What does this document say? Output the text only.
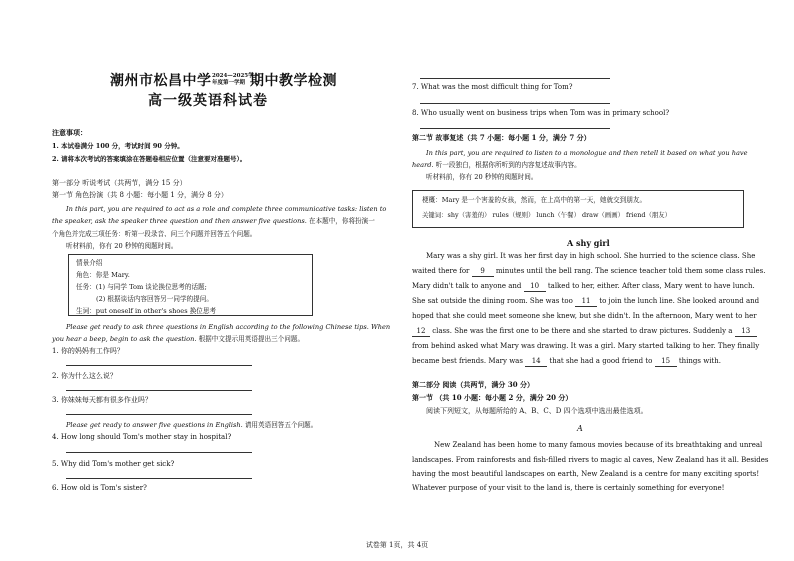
潮州市松昌中学 2024—2025学
年度第一学期 期中教学检测
高一级英语科试卷
注意事项：
1. 本试卷满分 100 分，考试时间 90 分钟。
2. 请将本次考试的答案填涂在答题卷相应位置（注意要对准题号）。
第一部分 听说考试（共两节，满分 15 分）
第一节 角色扮演（共 8 小题：每小题 1 分，满分 8 分）
In this part, you are required to act as a role and complete three communicative tasks: listen to
the speaker, ask the speaker three question and then answer five questions. 在本题中，你将扮演一
个角色并完成三项任务：听第一段录音、问三个问题并回答五个问题。
听材料前，你有 20 秒钟的阅题时间。
情景介绍
角色：你是 Mary.
任务：(1) 与同学 Tom 谈论换位思考的话题;
(2) 根据谈话内容回答另一同学的提问。
生词：put oneself in other's shoes 换位思考
Please get ready to ask three questions in English according to the following Chinese tips. When
you hear a beep, begin to ask the question. 根据中文提示用英语提出三个问题。
1. 你的妈妈有工作吗？
2. 你为什么这么说？
3. 你妹妹每天都有很多作业吗？
Please get ready to answer five questions in English. 请用英语回答五个问题。
4. How long should Tom's mother stay in hospital?
5. Why did Tom's mother get sick?
6. How old is Tom's sister?
7. What was the most difficult thing for Tom?
8. Who usually went on business trips when Tom was in primary school?
第二节 故事复述（共 7 小题：每小题 1 分，满分 7 分）
In this part, you are required to listen to a monologue and then retell it based on what you have
heard. 听一段独白，根据你所听到的内容复述故事内容。
听材料前，你有 20 秒钟的阅题时间。
梗概：Mary 是一个害羞的女孩，然而，在上高中的第一天，她就交到朋友。
关键词：shy（害羞的） rules（规则） lunch（午餐） draw（画画） friend（朋友）
A shy girl
Mary was a shy girl. It was her first day in high school. She hurried to the science class. She
waited there for 9 minutes until the bell rang. The science teacher told them some class rules.
Mary didn't talk to anyone and 10 talked to her, either. After class, Mary went to have lunch.
She sat outside the dining room. She was too 11 to join the lunch line. She looked around and
hoped that she could meet someone she knew, but she didn't. In the afternoon, Mary went to her
12 class. She was the first one to be there and she started to draw pictures. Suddenly a 13
from behind asked what Mary was drawing. It was a girl. Mary started talking to her. They finally
became best friends. Mary was 14 that she had a good friend to 15 things with.
第二部分 阅读（共两节，满分 30 分）
第一节 （共 10 小题：每小题 2 分，满分 20 分）
阅读下列短文，从每题所给的 A、B、C、D 四个选项中选出最佳选项。
A
New Zealand has been home to many famous movies because of its breathtaking and unreal
landscapes. From rainforests and fish-filled rivers to magic al caves, New Zealand has it all. Besides
having the most beautiful landscapes on earth, New Zealand is a centre for many exciting sports!
Whatever purpose of your visit to the land is, there is certainly something for everyone!
试卷第 1页，共 4页
